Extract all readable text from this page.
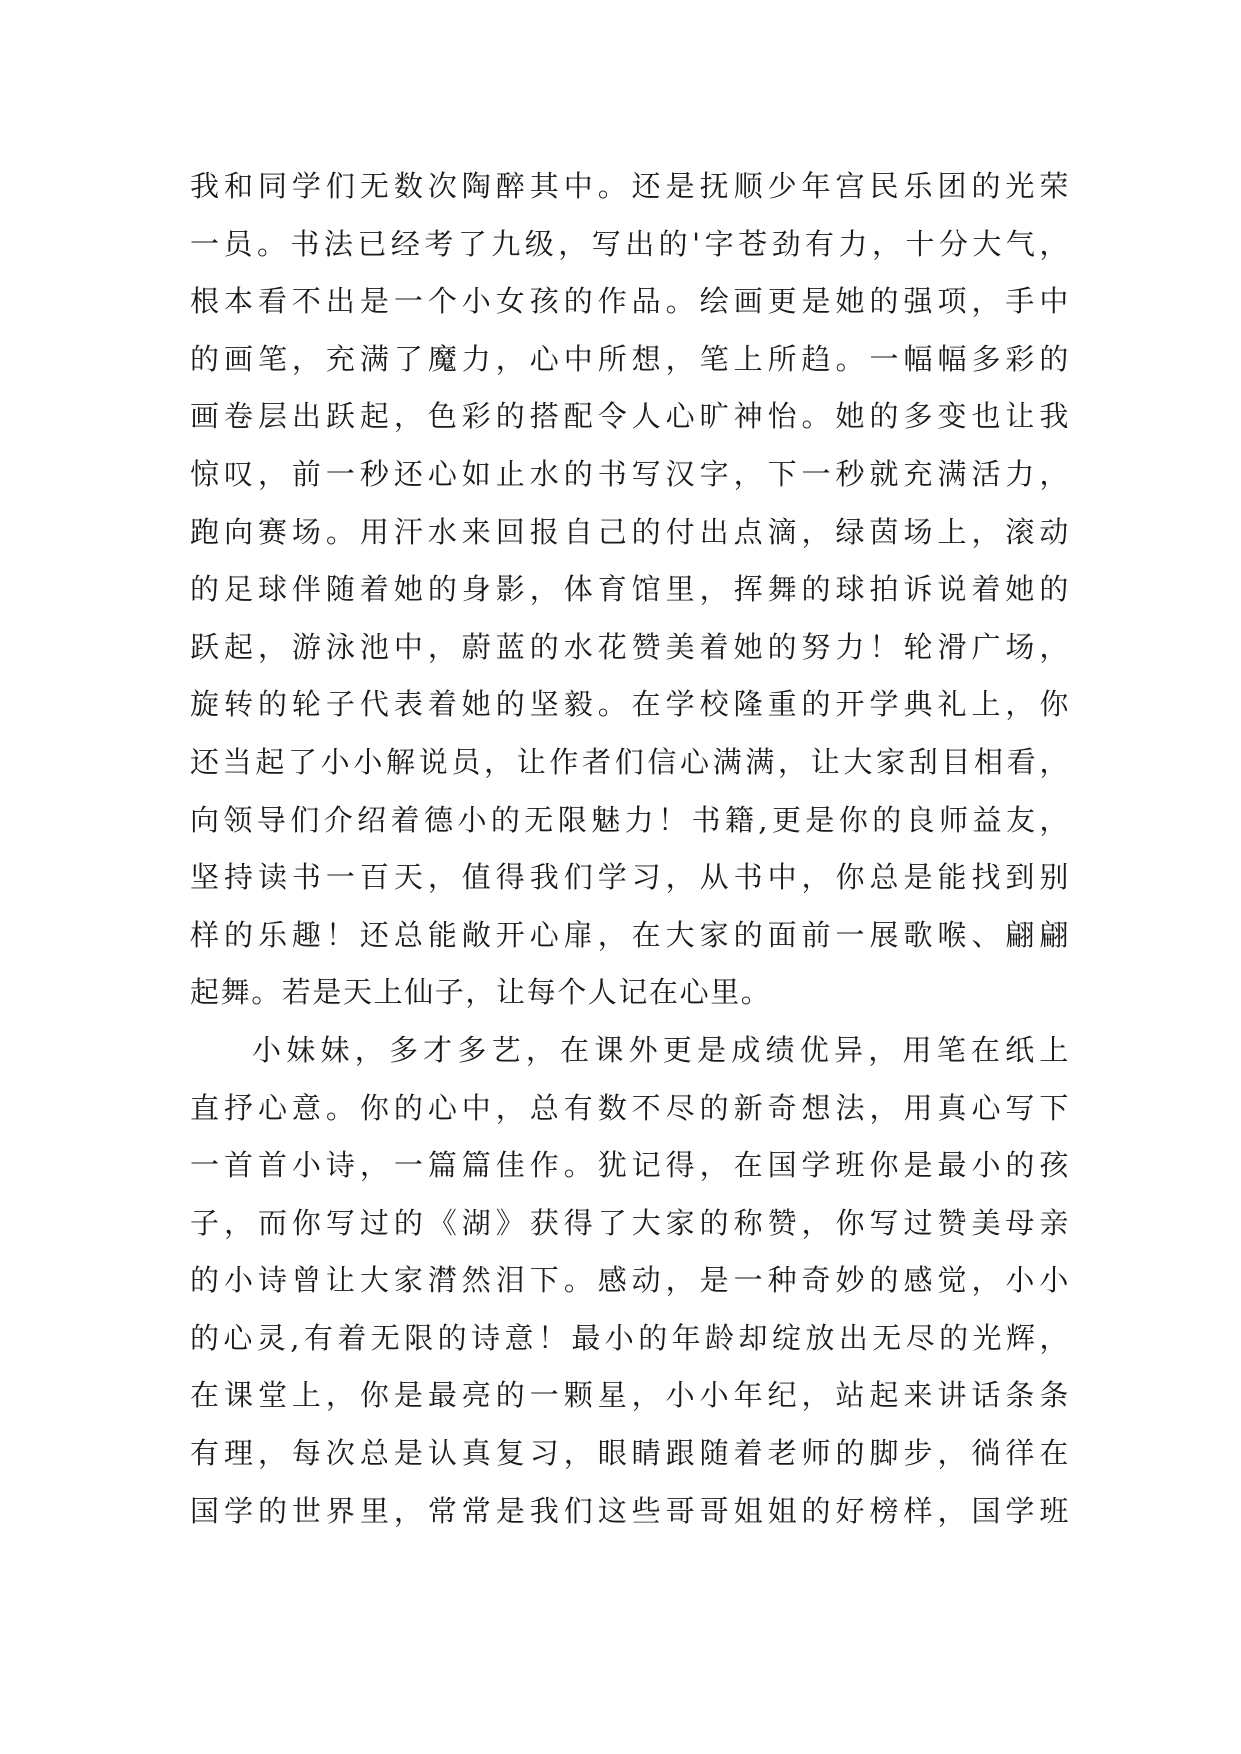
我和同学们无数次陶醉其中。还是抚顺少年宫民乐团的光荣
一员。书法已经考了九级，写出的'字苍劲有力，十分大气，
根本看不出是一个小女孩的作品。绘画更是她的强项，手中
的画笔，充满了魔力，心中所想，笔上所趋。一幅幅多彩的
画卷层出跃起，色彩的搭配令人心旷神怡。她的多变也让我
惊叹，前一秒还心如止水的书写汉字，下一秒就充满活力，
跑向赛场。用汗水来回报自己的付出点滴，绿茵场上，滚动
的足球伴随着她的身影，体育馆里，挥舞的球拍诉说着她的
跃起，游泳池中，蔚蓝的水花赞美着她的努力！轮滑广场，
旋转的轮子代表着她的坚毅。在学校隆重的开学典礼上，你
还当起了小小解说员，让作者们信心满满，让大家刮目相看，
向领导们介绍着德小的无限魅力！书籍,更是你的良师益友，
坚持读书一百天，值得我们学习，从书中，你总是能找到别
样的乐趣！还总能敞开心扉，在大家的面前一展歌喉、翩翩
起舞。若是天上仙子，让每个人记在心里。
小妹妹，多才多艺，在课外更是成绩优异，用笔在纸上
直抒心意。你的心中，总有数不尽的新奇想法，用真心写下
一首首小诗，一篇篇佳作。犹记得，在国学班你是最小的孩
子，而你写过的《湖》获得了大家的称赞，你写过赞美母亲
的小诗曾让大家潸然泪下。感动，是一种奇妙的感觉，小小
的心灵,有着无限的诗意！最小的年龄却绽放出无尽的光辉，
在课堂上，你是最亮的一颗星，小小年纪，站起来讲话条条
有理，每次总是认真复习，眼睛跟随着老师的脚步，徜徉在
国学的世界里，常常是我们这些哥哥姐姐的好榜样，国学班
